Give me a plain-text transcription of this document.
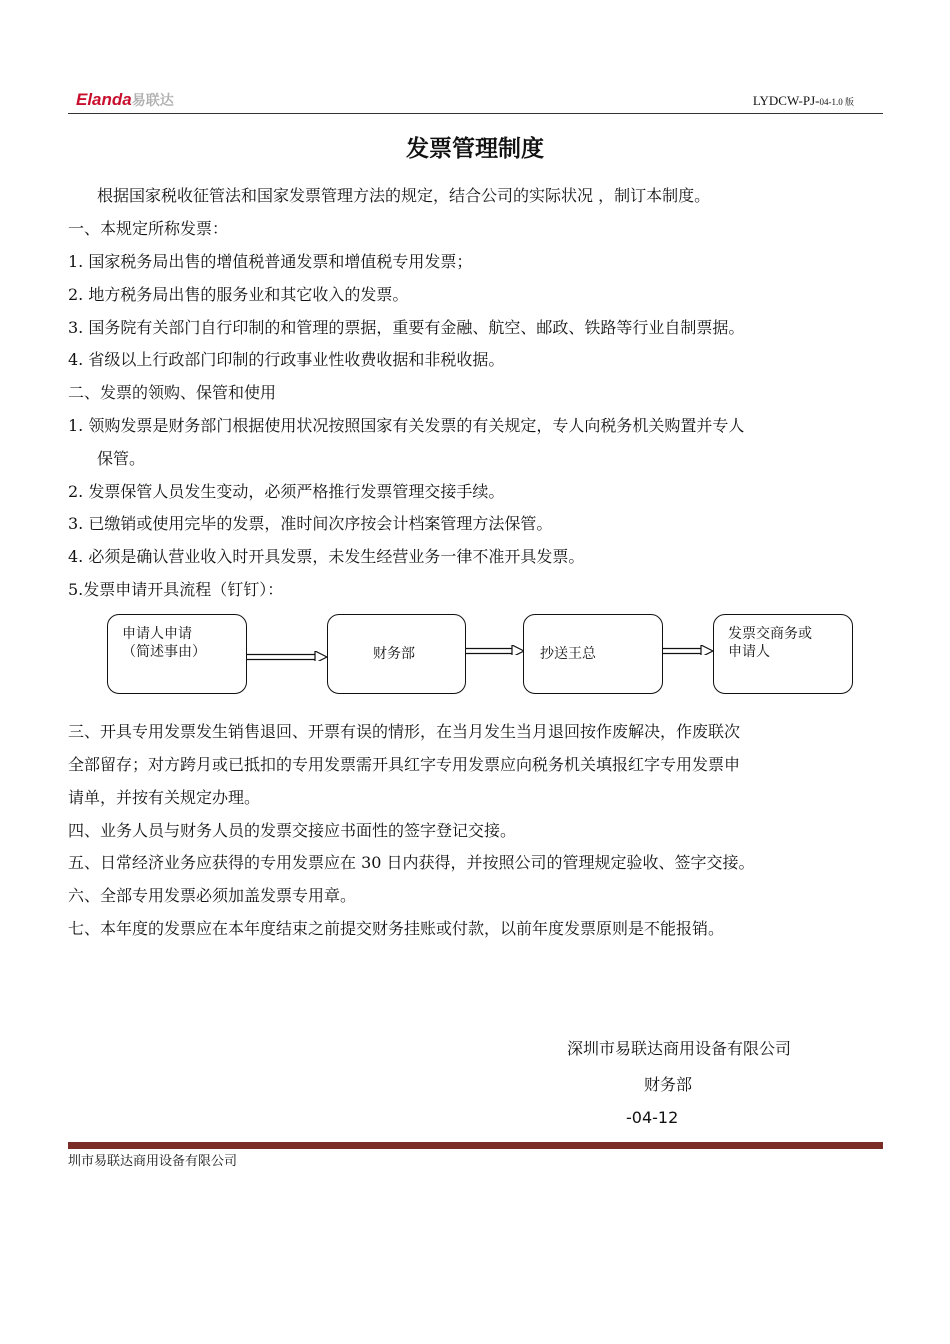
Elanda易联达	LYDCW-PJ-04-1.0 版
发票管理制度
根据国家税收征管法和国家发票管理方法的规定，结合公司的实际状况 ，制订本制度。
一、本规定所称发票：
1. 国家税务局出售的增值税普通发票和增值税专用发票；
2. 地方税务局出售的服务业和其它收入的发票。
3. 国务院有关部门自行印制的和管理的票据，重要有金融、航空、邮政、铁路等行业自制票据。
4. 省级以上行政部门印制的行政事业性收费收据和非税收据。
二、发票的领购、保管和使用
1. 领购发票是财务部门根据使用状况按照国家有关发票的有关规定，专人向税务机关购置并专人
保管。
2. 发票保管人员发生变动，必须严格推行发票管理交接手续。
3. 已缴销或使用完毕的发票，准时间次序按会计档案管理方法保管。
4. 必须是确认营业收入时开具发票，未发生经营业务一律不准开具发票。
5.发票申请开具流程（钉钉）：
申请人申请
（简述事由）	财务部	抄送王总
发票交商务或
申请人
三、开具专用发票发生销售退回、开票有误的情形，在当月发生当月退回按作废解决，作废联次
全部留存；对方跨月或已抵扣的专用发票需开具红字专用发票应向税务机关填报红字专用发票申
请单，并按有关规定办理。
四、业务人员与财务人员的发票交接应书面性的签字登记交接。
五、日常经济业务应获得的专用发票应在 30 日内获得，并按照公司的管理规定验收、签字交接。
六、全部专用发票必须加盖发票专用章。
七、本年度的发票应在本年度结束之前提交财务挂账或付款，以前年度发票原则是不能报销。
深圳市易联达商用设备有限公司
财务部
-04-12
圳市易联达商用设备有限公司
